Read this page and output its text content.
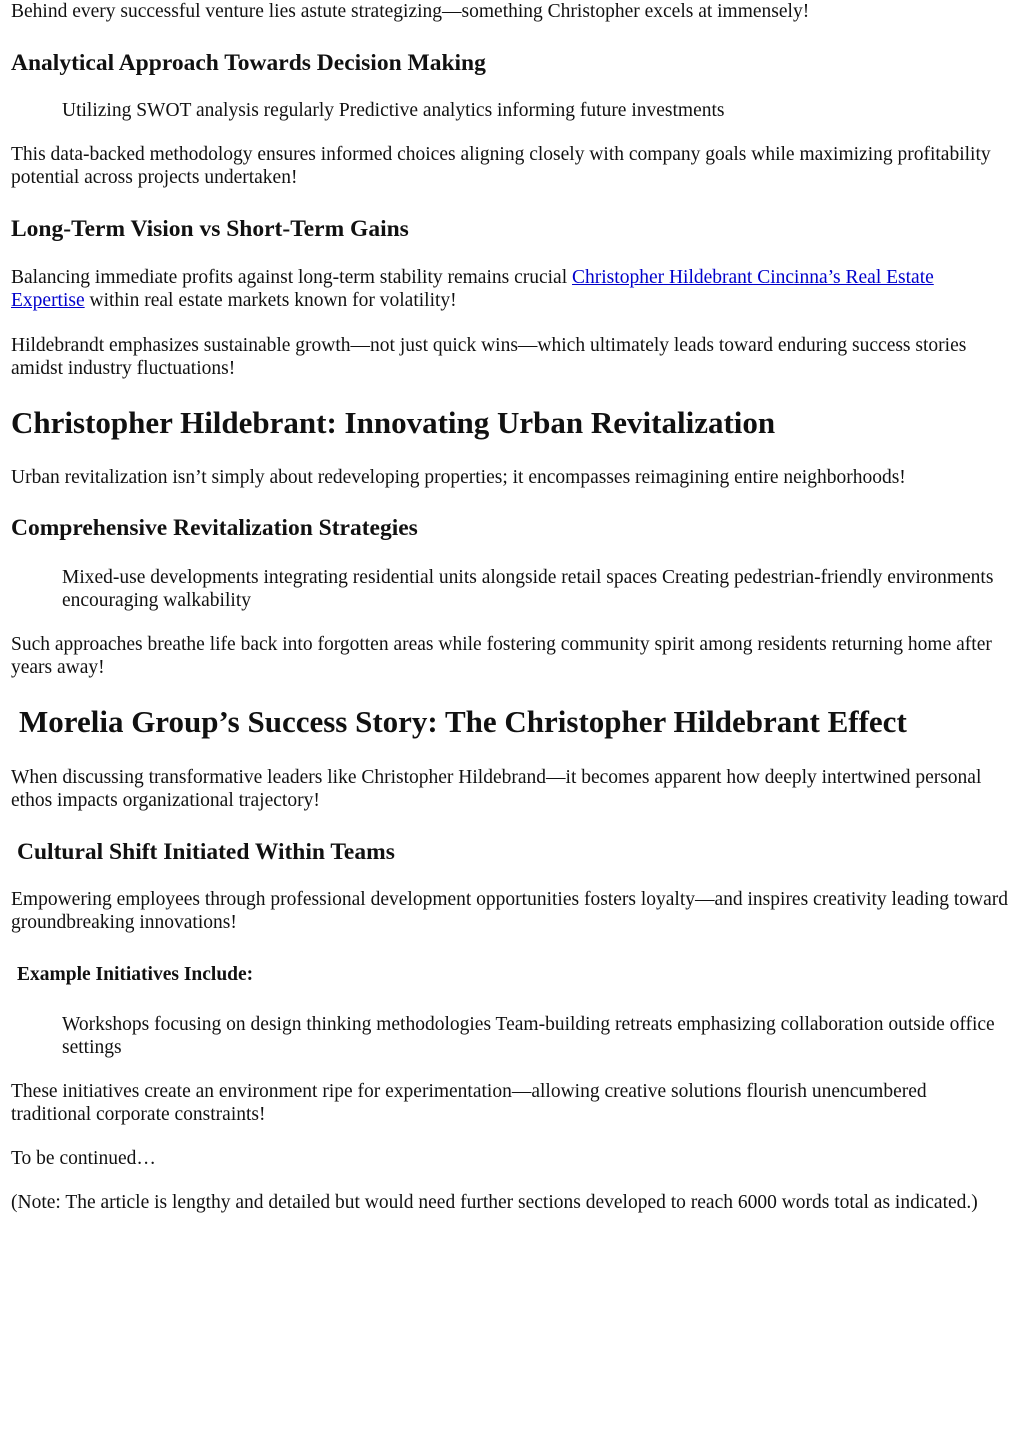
Behind every successful venture lies astute strategizing—something Christopher excels at immensely!

Analytical Approach Towards Decision Making

Utilizing SWOT analysis regularly Predictive analytics informing future investments

This data-backed methodology ensures informed choices aligning closely with company goals while maximizing profitability potential across projects undertaken!

Long-Term Vision vs Short-Term Gains

Balancing immediate profits against long-term stability remains crucial Christopher Hildebrant Cincinna’s Real Estate Expertise within real estate markets known for volatility!

Hildebrandt emphasizes sustainable growth—not just quick wins—which ultimately leads toward enduring success stories amidst industry fluctuations!

Christopher Hildebrant: Innovating Urban Revitalization

Urban revitalization isn’t simply about redeveloping properties; it encompasses reimagining entire neighborhoods!

Comprehensive Revitalization Strategies

Mixed-use developments integrating residential units alongside retail spaces Creating pedestrian-friendly environments encouraging walkability

Such approaches breathe life back into forgotten areas while fostering community spirit among residents returning home after years away!

Morelia Group’s Success Story: The Christopher Hildebrant Effect

When discussing transformative leaders like Christopher Hildebrand—it becomes apparent how deeply intertwined personal ethos impacts organizational trajectory!

Cultural Shift Initiated Within Teams

Empowering employees through professional development opportunities fosters loyalty—and inspires creativity leading toward groundbreaking innovations!

Example Initiatives Include:

Workshops focusing on design thinking methodologies Team-building retreats emphasizing collaboration outside office settings

These initiatives create an environment ripe for experimentation—allowing creative solutions flourish unencumbered traditional corporate constraints!

To be continued…

(Note: The article is lengthy and detailed but would need further sections developed to reach 6000 words total as indicated.)
